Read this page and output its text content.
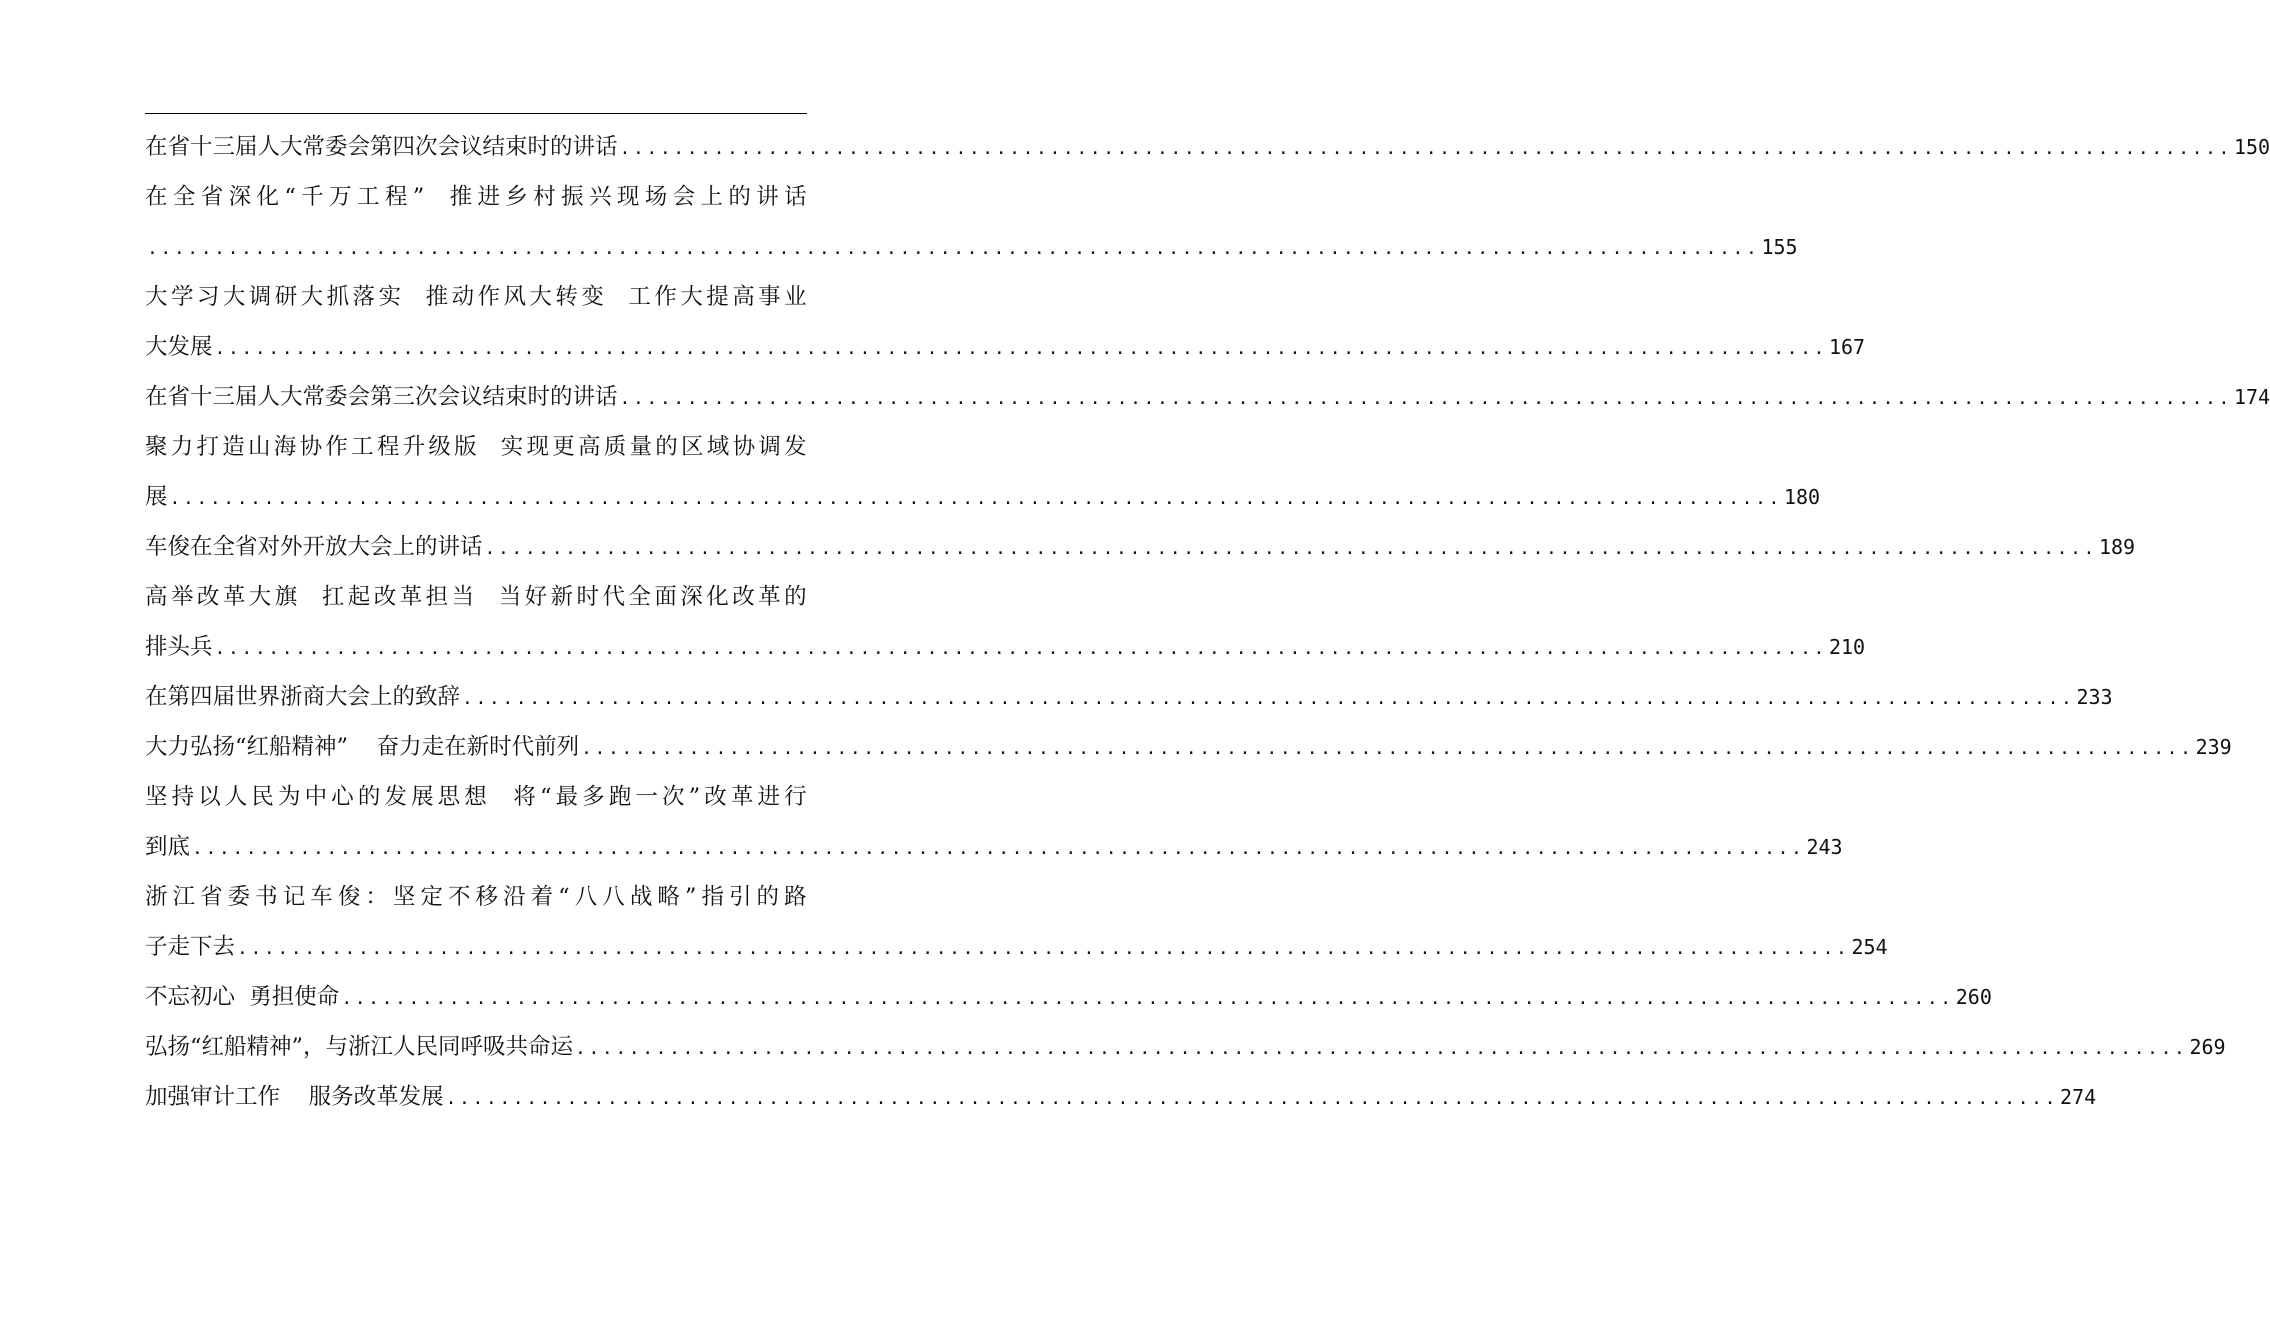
在省十三届人大常委会第四次会议结束时的讲话 ........................................................................................................................ 150
在全省深化“千万工程”  推进乡村振兴现场会上的讲话
........................................................................................................................ 155
大学习大调研大抓落实  推动作风大转变  工作大提高事业
大发展 ........................................................................................................................ 167
在省十三届人大常委会第三次会议结束时的讲话 ........................................................................................................................ 174
聚力打造山海协作工程升级版  实现更高质量的区域协调发
展 ........................................................................................................................ 180
车俊在全省对外开放大会上的讲话 ........................................................................................................................ 189
高举改革大旗  扛起改革担当  当好新时代全面深化改革的
排头兵 ........................................................................................................................ 210
在第四届世界浙商大会上的致辞 ........................................................................................................................ 233
大力弘扬“红船精神”    奋力走在新时代前列 ........................................................................................................................ 239
坚持以人民为中心的发展思想  将“最多跑一次”改革进行
到底 ........................................................................................................................ 243
浙江省委书记车俊：坚定不移沿着“八八战略”指引的路
子走下去 ........................................................................................................................ 254
不忘初心  勇担使命 ........................................................................................................................ 260
弘扬“红船精神”，与浙江人民同呼吸共命运 ........................................................................................................................ 269
加强审计工作    服务改革发展 ........................................................................................................................ 274
